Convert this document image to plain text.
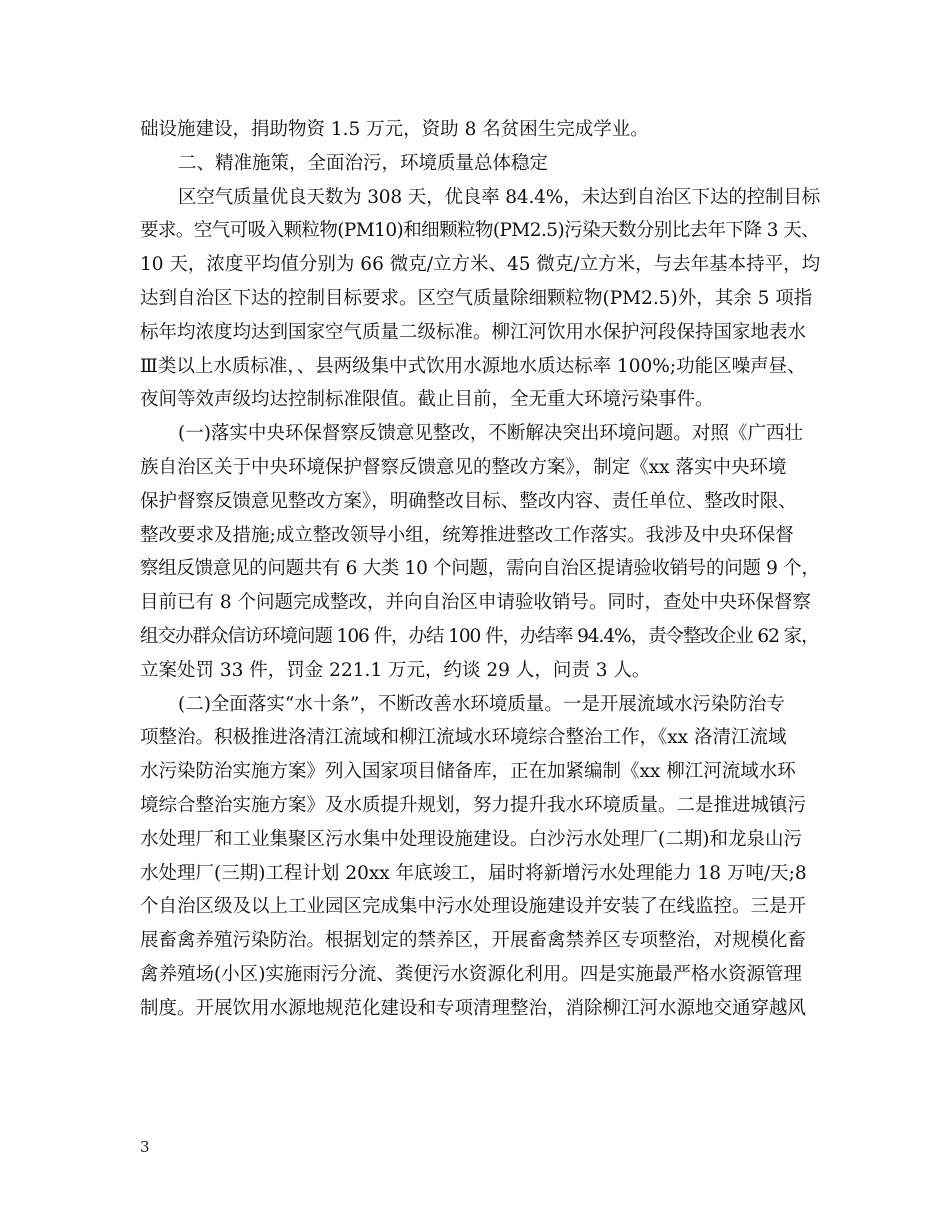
础设施建设，捐助物资 1.5 万元，资助 8 名贫困生完成学业。
二、精准施策，全面治污，环境质量总体稳定
区空气质量优良天数为 308 天，优良率 84.4%，未达到自治区下达的控制目标
要求。空气可吸入颗粒物(PM10)和细颗粒物(PM2.5)污染天数分别比去年下降 3 天、
10 天，浓度平均值分别为 66 微克/立方米、45 微克/立方米，与去年基本持平，均
达到自治区下达的控制目标要求。区空气质量除细颗粒物(PM2.5)外，其余 5 项指
标年均浓度均达到国家空气质量二级标准。柳江河饮用水保护河段保持国家地表水
Ⅲ类以上水质标准，、县两级集中式饮用水源地水质达标率 100%;功能区噪声昼、
夜间等效声级均达控制标准限值。截止目前，全无重大环境污染事件。
(一)落实中央环保督察反馈意见整改，不断解决突出环境问题。对照《广西壮
族自治区关于中央环境保护督察反馈意见的整改方案》，制定《xx 落实中央环境
保护督察反馈意见整改方案》，明确整改目标、整改内容、责任单位、整改时限、
整改要求及措施;成立整改领导小组，统筹推进整改工作落实。我涉及中央环保督
察组反馈意见的问题共有 6 大类 10 个问题，需向自治区提请验收销号的问题 9 个，
目前已有 8 个问题完成整改，并向自治区申请验收销号。同时，查处中央环保督察
组交办群众信访环境问题 106 件，办结 100 件，办结率 94.4%，责令整改企业 62 家，
立案处罚 33 件，罚金 221.1 万元，约谈 29 人，问责 3 人。
(二)全面落实“水十条”，不断改善水环境质量。一是开展流域水污染防治专
项整治。积极推进洛清江流域和柳江流域水环境综合整治工作，《xx 洛清江流域
水污染防治实施方案》列入国家项目储备库，正在加紧编制《xx 柳江河流域水环
境综合整治实施方案》及水质提升规划，努力提升我水环境质量。二是推进城镇污
水处理厂和工业集聚区污水集中处理设施建设。白沙污水处理厂(二期)和龙泉山污
水处理厂(三期)工程计划 20xx 年底竣工，届时将新增污水处理能力 18 万吨/天;8
个自治区级及以上工业园区完成集中污水处理设施建设并安装了在线监控。三是开
展畜禽养殖污染防治。根据划定的禁养区，开展畜禽禁养区专项整治，对规模化畜
禽养殖场(小区)实施雨污分流、粪便污水资源化利用。四是实施最严格水资源管理
制度。开展饮用水源地规范化建设和专项清理整治，消除柳江河水源地交通穿越风
3
